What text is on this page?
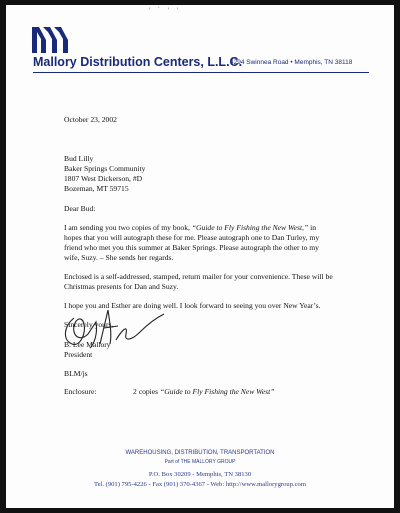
' ` ' '
Mallory Distribution Centers, L.L.C.
4294 Swinnea Road • Memphis, TN 38118
October 23, 2002
Bud Lilly
Baker Springs Community
1807 West Dickerson, #D
Bozeman, MT 59715
Dear Bud:
I am sending you two copies of my book, “Guide to Fly Fishing the New West,” in
hopes that you will autograph these for me. Please autograph one to Dan Turley, my
friend who met you this summer at Baker Springs. Please autograph the other to my
wife, Suzy. – She sends her regards.
Enclosed is a self-addressed, stamped, return mailer for your convenience. These will be
Christmas presents for Dan and Suzy.
I hope you and Esther are doing well. I look forward to seeing you over New Year’s.
Sincerely yours,
B. Lee Mallory
President
BLM/js
Enclosure:	2 copies “Guide to Fly Fishing the New West”
WAREHOUSING, DISTRIBUTION, TRANSPORTATION
Part of THE MALLORY GROUP
P.O. Box 30209 - Memphis, TN 38130
Tel. (901) 795-4226 - Fax (901) 370-4367 - Web: http://www.mallorygroup.com
